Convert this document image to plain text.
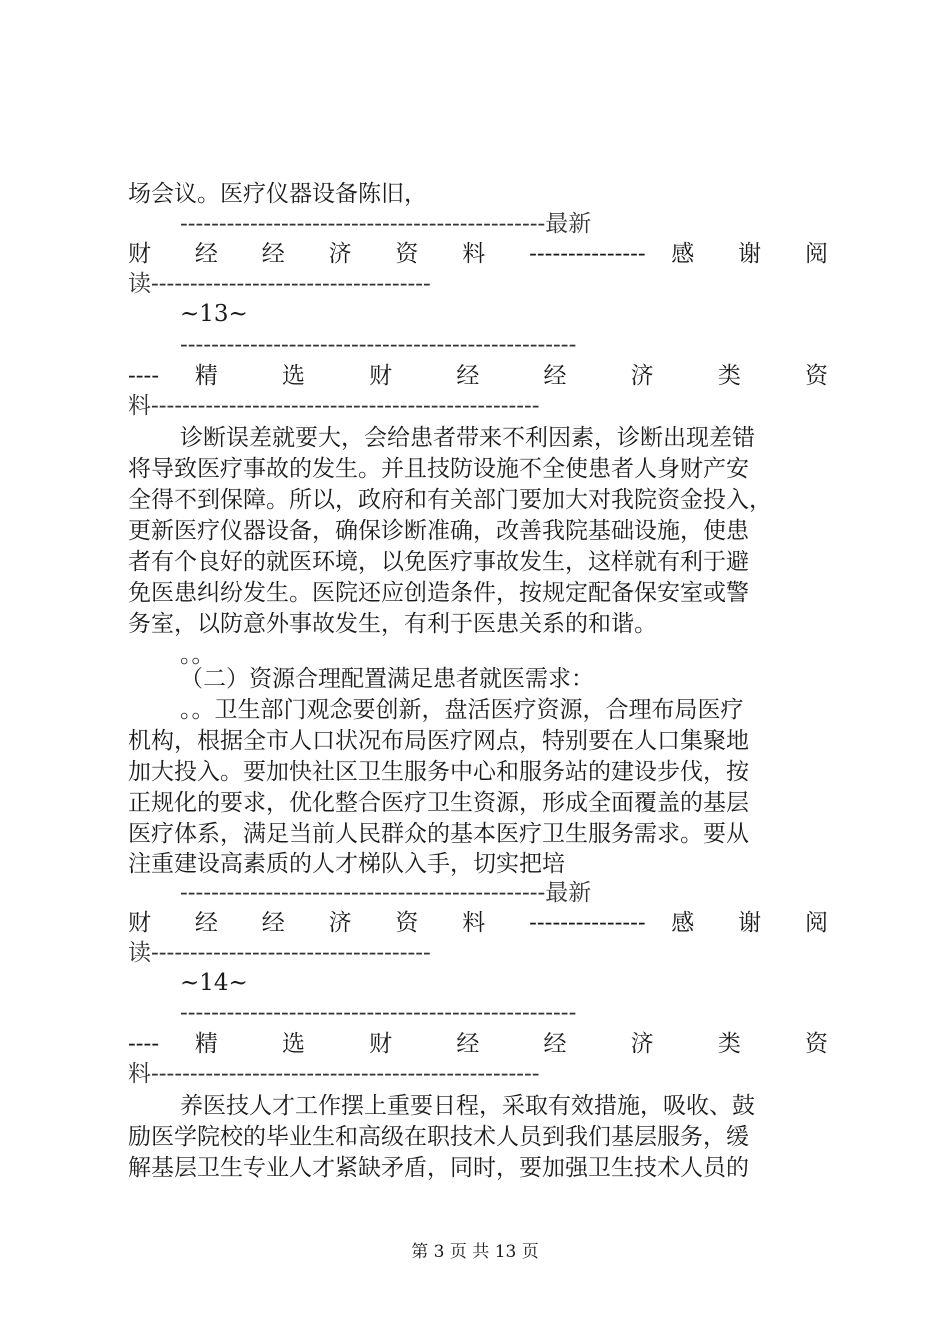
场会议。医疗仪器设备陈旧，
-----------------------------------------------最新
财 经 经 济 资 料 --------------- 感 谢 阅
读------------------------------------
~13~
---------------------------------------------------
---- 精 选 财 经 经 济 类 资
料--------------------------------------------------
诊断误差就要大，会给患者带来不利因素，诊断出现差错
将导致医疗事故的发生。并且技防设施不全使患者人身财产安
全得不到保障。所以，政府和有关部门要加大对我院资金投入，
更新医疗仪器设备，确保诊断准确，改善我院基础设施，使患
者有个良好的就医环境，以免医疗事故发生，这样就有利于避
免医患纠纷发生。医院还应创造条件，按规定配备保安室或警
务室，以防意外事故发生，有利于医患关系的和谐。
。。
（二）资源合理配置满足患者就医需求：
。。卫生部门观念要创新，盘活医疗资源，合理布局医疗
机构，根据全市人口状况布局医疗网点，特别要在人口集聚地
加大投入。要加快社区卫生服务中心和服务站的建设步伐，按
正规化的要求，优化整合医疗卫生资源，形成全面覆盖的基层
医疗体系，满足当前人民群众的基本医疗卫生服务需求。要从
注重建设高素质的人才梯队入手，切实把培
-----------------------------------------------最新
财 经 经 济 资 料 --------------- 感 谢 阅
读------------------------------------
~14~
---------------------------------------------------
---- 精 选 财 经 经 济 类 资
料--------------------------------------------------
养医技人才工作摆上重要日程，采取有效措施，吸收、鼓
励医学院校的毕业生和高级在职技术人员到我们基层服务，缓
解基层卫生专业人才紧缺矛盾，同时，要加强卫生技术人员的
第 3 页 共 13 页
